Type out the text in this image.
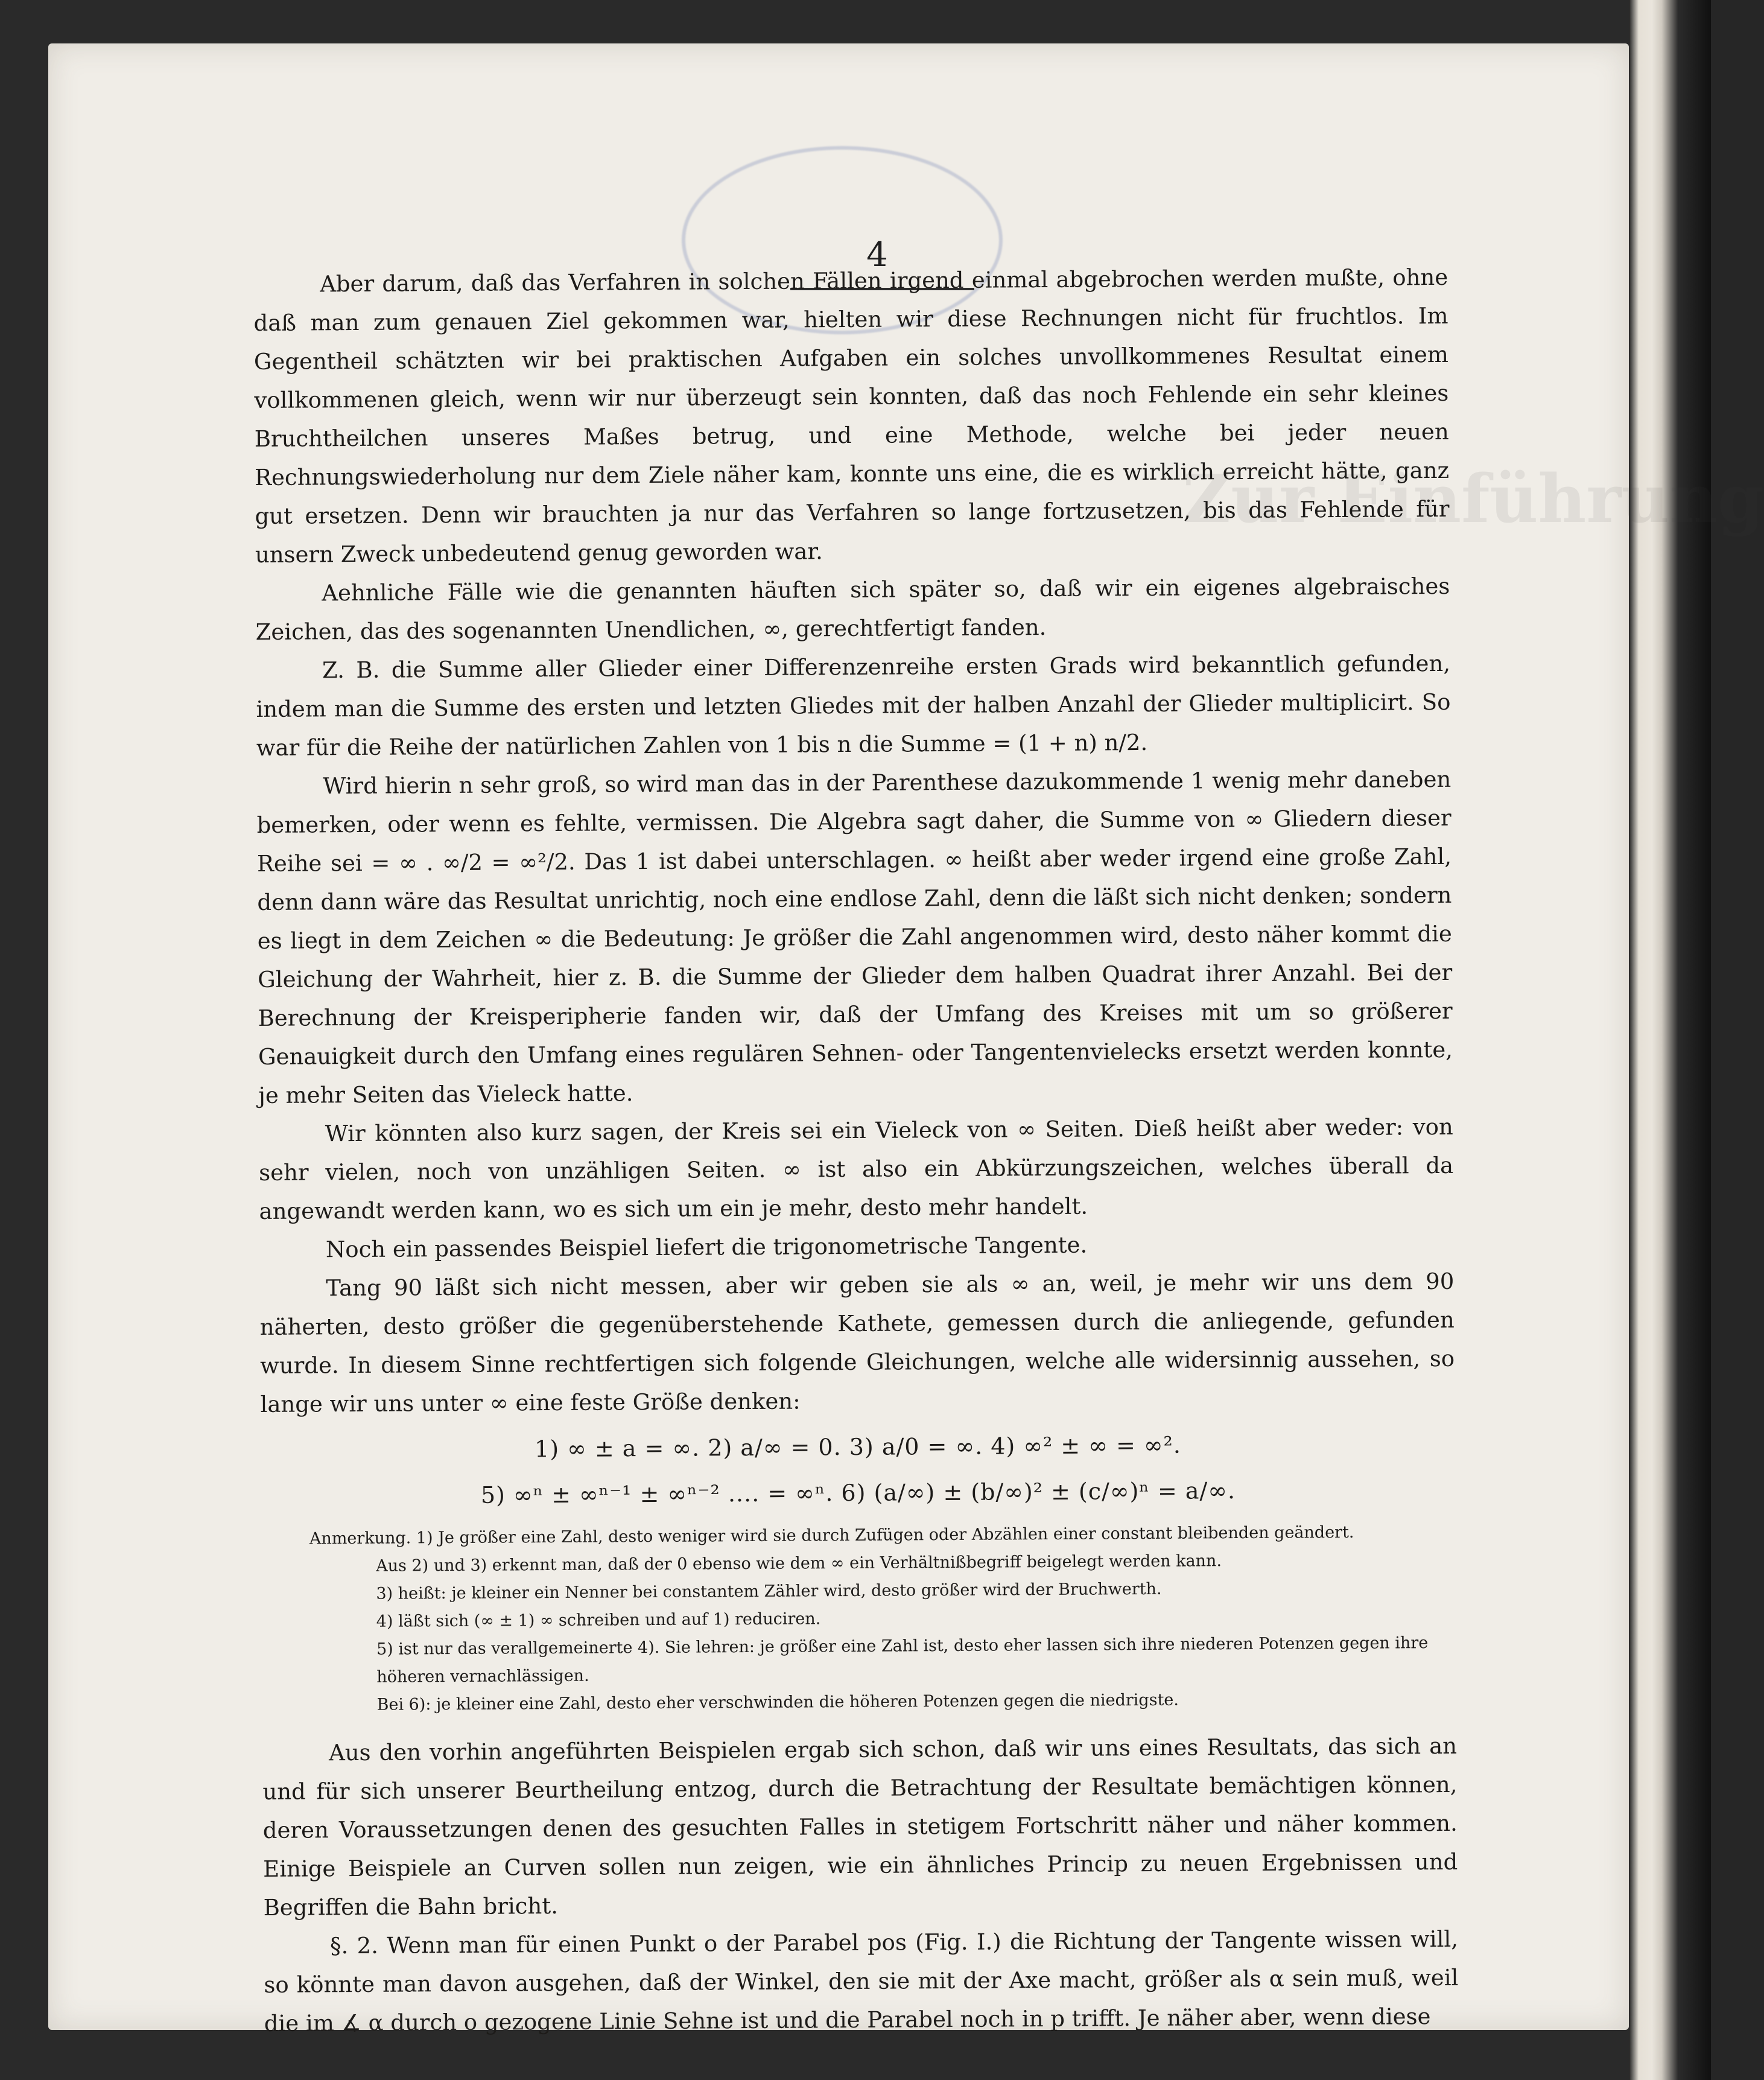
Zur Einführung
4

Aber darum, daß das Verfahren in solchen Fällen irgend einmal abgebrochen werden mußte, ohne daß man zum genauen Ziel gekommen war, hielten wir diese Rechnungen nicht für fruchtlos. Im Gegentheil schätzten wir bei praktischen Aufgaben ein solches unvollkommenes Resultat einem vollkommenen gleich, wenn wir nur überzeugt sein konnten, daß das noch Fehlende ein sehr kleines Bruchtheilchen unseres Maßes betrug, und eine Methode, welche bei jeder neuen Rechnungswiederholung nur dem Ziele näher kam, konnte uns eine, die es wirklich erreicht hätte, ganz gut ersetzen. Denn wir brauchten ja nur das Verfahren so lange fortzusetzen, bis das Fehlende für unsern Zweck unbedeutend genug geworden war.

Aehnliche Fälle wie die genannten häuften sich später so, daß wir ein eigenes algebraisches Zeichen, das des sogenannten Unendlichen, ∞, gerechtfertigt fanden.

Z. B. die Summe aller Glieder einer Differenzenreihe ersten Grads wird bekanntlich gefunden, indem man die Summe des ersten und letzten Gliedes mit der halben Anzahl der Glieder multiplicirt. So war für die Reihe der natürlichen Zahlen von 1 bis n die Summe = (1 + n) n/2.

Wird hierin n sehr groß, so wird man das in der Parenthese dazukommende 1 wenig mehr daneben bemerken, oder wenn es fehlte, vermissen. Die Algebra sagt daher, die Summe von ∞ Gliedern dieser Reihe sei = ∞ . ∞/2 = ∞²/2. Das 1 ist dabei unterschlagen. ∞ heißt aber weder irgend eine große Zahl, denn dann wäre das Resultat unrichtig, noch eine endlose Zahl, denn die läßt sich nicht denken; sondern es liegt in dem Zeichen ∞ die Bedeutung: Je größer die Zahl angenommen wird, desto näher kommt die Gleichung der Wahrheit, hier z. B. die Summe der Glieder dem halben Quadrat ihrer Anzahl. Bei der Berechnung der Kreisperipherie fanden wir, daß der Umfang des Kreises mit um so größerer Genauigkeit durch den Umfang eines regulären Sehnen- oder Tangentenvielecks ersetzt werden konnte, je mehr Seiten das Vieleck hatte.

Wir könnten also kurz sagen, der Kreis sei ein Vieleck von ∞ Seiten. Dieß heißt aber weder: von sehr vielen, noch von unzähligen Seiten. ∞ ist also ein Abkürzungszeichen, welches überall da angewandt werden kann, wo es sich um ein je mehr, desto mehr handelt.

Noch ein passendes Beispiel liefert die trigonometrische Tangente.

Tang 90 läßt sich nicht messen, aber wir geben sie als ∞ an, weil, je mehr wir uns dem 90 näherten, desto größer die gegenüberstehende Kathete, gemessen durch die anliegende, gefunden wurde. In diesem Sinne rechtfertigen sich folgende Gleichungen, welche alle widersinnig aussehen, so lange wir uns unter ∞ eine feste Größe denken:

1) ∞ ± a = ∞. 2) a/∞ = 0. 3) a/0 = ∞. 4) ∞² ± ∞ = ∞².
5) ∞ⁿ ± ∞ⁿ⁻¹ ± ∞ⁿ⁻² .... = ∞ⁿ. 6) (a/∞) ± (b/∞)² ± (c/∞)ⁿ = a/∞.
Anmerkung. 1) Je größer eine Zahl, desto weniger wird sie durch Zufügen oder Abzählen einer constant bleibenden geändert.
Aus 2) und 3) erkennt man, daß der 0 ebenso wie dem ∞ ein Verhältnißbegriff beigelegt werden kann.
3) heißt: je kleiner ein Nenner bei constantem Zähler wird, desto größer wird der Bruchwerth.
4) läßt sich (∞ ± 1) ∞ schreiben und auf 1) reduciren.
5) ist nur das verallgemeinerte 4). Sie lehren: je größer eine Zahl ist, desto eher lassen sich ihre niederen Potenzen gegen ihre höheren vernachlässigen.
Bei 6): je kleiner eine Zahl, desto eher verschwinden die höheren Potenzen gegen die niedrigste.

Aus den vorhin angeführten Beispielen ergab sich schon, daß wir uns eines Resultats, das sich an und für sich unserer Beurtheilung entzog, durch die Betrachtung der Resultate bemächtigen können, deren Voraussetzungen denen des gesuchten Falles in stetigem Fortschritt näher und näher kommen. Einige Beispiele an Curven sollen nun zeigen, wie ein ähnliches Princip zu neuen Ergebnissen und Begriffen die Bahn bricht.

§. 2. Wenn man für einen Punkt o der Parabel pos (Fig. I.) die Richtung der Tangente wissen will, so könnte man davon ausgehen, daß der Winkel, den sie mit der Axe macht, größer als α sein muß, weil die im ∡ α durch o gezogene Linie Sehne ist und die Parabel noch in p trifft. Je näher aber, wenn diese
